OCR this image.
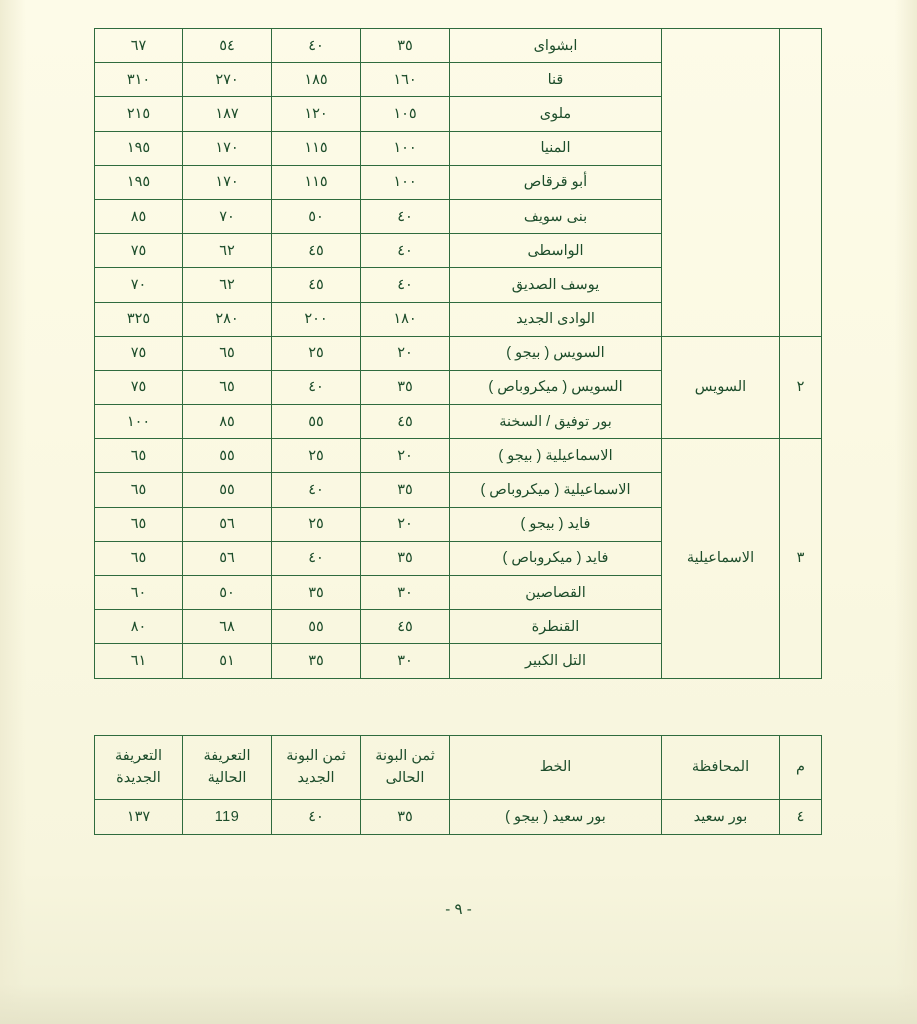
		ابشواى	٣٥	٤٠	٥٤	٦٧
		قنا	١٦٠	١٨٥	٢٧٠	٣١٠
		ملوى	١٠٥	١٢٠	١٨٧	٢١٥
		المنيا	١٠٠	١١٥	١٧٠	١٩٥
		أبو قرقاص	١٠٠	١١٥	١٧٠	١٩٥
		بنى سويف	٤٠	٥٠	٧٠	٨٥
		الواسطى	٤٠	٤٥	٦٢	٧٥
		يوسف الصديق	٤٠	٤٥	٦٢	٧٠
		الوادى الجديد	١٨٠	٢٠٠	٢٨٠	٣٢٥
٢	السويس	السويس ( بيجو )	٢٠	٢٥	٦٥	٧٥
		السويس ( ميكروباص )	٣٥	٤٠	٦٥	٧٥
		بور توفيق / السخنة	٤٥	٥٥	٨٥	١٠٠
٣	الاسماعيلية	الاسماعيلية ( بيجو )	٢٠	٢٥	٥٥	٦٥
		الاسماعيلية ( ميكروباص )	٣٥	٤٠	٥٥	٦٥
		فايد ( بيجو )	٢٠	٢٥	٥٦	٦٥
		فايد ( ميكروباص )	٣٥	٤٠	٥٦	٦٥
		القصاصين	٣٠	٣٥	٥٠	٦٠
		القنطرة	٤٥	٥٥	٦٨	٨٠
		التل الكبير	٣٠	٣٥	٥١	٦١
م	المحافظة	الخط	ثمن البونة الحالى	ثمن البونة الجديد	التعريفة الحالية	التعريفة الجديدة
٤	بور سعيد	بور سعيد ( بيجو )	٣٥	٤٠	119	١٣٧
- ٩ -
